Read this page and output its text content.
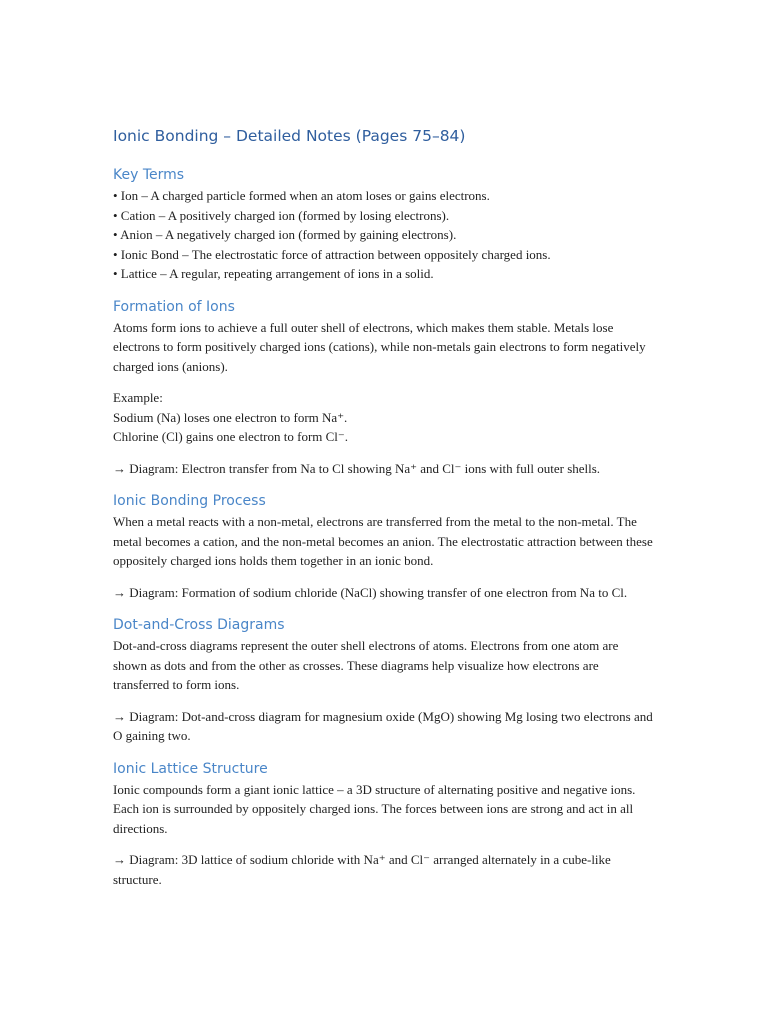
Ionic Bonding – Detailed Notes (Pages 75–84)
Key Terms
• Ion – A charged particle formed when an atom loses or gains electrons.
• Cation – A positively charged ion (formed by losing electrons).
• Anion – A negatively charged ion (formed by gaining electrons).
• Ionic Bond – The electrostatic force of attraction between oppositely charged ions.
• Lattice – A regular, repeating arrangement of ions in a solid.
Formation of Ions

Atoms form ions to achieve a full outer shell of electrons, which makes them stable. Metals lose electrons to form positively charged ions (cations), while non-metals gain electrons to form negatively charged ions (anions).

Example:
Sodium (Na) loses one electron to form Na⁺.
Chlorine (Cl) gains one electron to form Cl⁻.

→ Diagram: Electron transfer from Na to Cl showing Na⁺ and Cl⁻ ions with full outer shells.

Ionic Bonding Process

When a metal reacts with a non-metal, electrons are transferred from the metal to the non-metal. The metal becomes a cation, and the non-metal becomes an anion. The electrostatic attraction between these oppositely charged ions holds them together in an ionic bond.

→ Diagram: Formation of sodium chloride (NaCl) showing transfer of one electron from Na to Cl.

Dot-and-Cross Diagrams

Dot-and-cross diagrams represent the outer shell electrons of atoms. Electrons from one atom are shown as dots and from the other as crosses. These diagrams help visualize how electrons are transferred to form ions.

→ Diagram: Dot-and-cross diagram for magnesium oxide (MgO) showing Mg losing two electrons and O gaining two.

Ionic Lattice Structure

Ionic compounds form a giant ionic lattice – a 3D structure of alternating positive and negative ions. Each ion is surrounded by oppositely charged ions. The forces between ions are strong and act in all directions.

→ Diagram: 3D lattice of sodium chloride with Na⁺ and Cl⁻ arranged alternately in a cube-like structure.
